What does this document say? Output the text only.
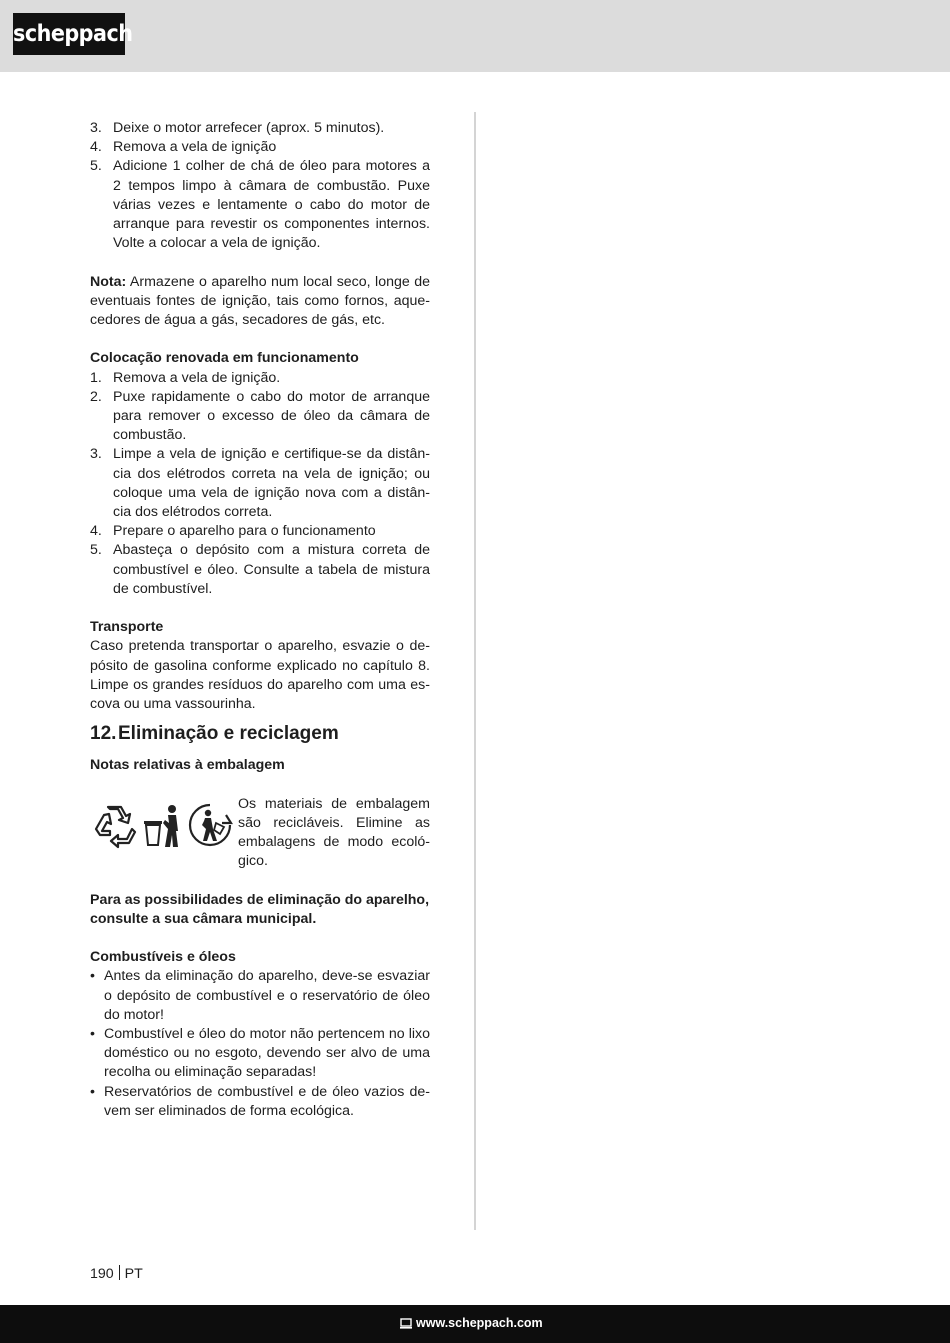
scheppach
3. Deixe o motor arrefecer (aprox. 5 minutos).
4. Remova a vela de ignição
5. Adicione 1 colher de chá de óleo para motores a 2 tempos limpo à câmara de combustão. Puxe várias vezes e lentamente o cabo do motor de arranque para revestir os componentes internos. Volte a colocar a vela de ignição.

Nota: Armazene o aparelho num local seco, longe de eventuais fontes de ignição, tais como fornos, aquecedores de água a gás, secadores de gás, etc.

Colocação renovada em funcionamento

1. Remova a vela de ignição.
2. Puxe rapidamente o cabo do motor de arranque para remover o excesso de óleo da câmara de combustão.
3. Limpe a vela de ignição e certifique-se da distância dos elétrodos correta na vela de ignição; ou coloque uma vela de ignição nova com a distância dos elétrodos correta.
4. Prepare o aparelho para o funcionamento
5. Abasteça o depósito com a mistura correta de combustível e óleo. Consulte a tabela de mistura de combustível.

Transporte

Caso pretenda transportar o aparelho, esvazie o depósito de gasolina conforme explicado no capítulo 8. Limpe os grandes resíduos do aparelho com uma escova ou uma vassourinha.

12.Eliminação e reciclagem

Notas relativas à embalagem

Os materiais de embalagem são recicláveis. Elimine as embalagens de modo ecológico.

Para as possibilidades de eliminação do aparelho, consulte a sua câmara municipal.

Combustíveis e óleos

• Antes da eliminação do aparelho, deve-se esvaziar o depósito de combustível e o reservatório de óleo do motor!
• Combustível e óleo do motor não pertencem no lixo doméstico ou no esgoto, devendo ser alvo de uma recolha ou eliminação separadas!
• Reservatórios de combustível e de óleo vazios devem ser eliminados de forma ecológica.
190 PT
www.scheppach.com
